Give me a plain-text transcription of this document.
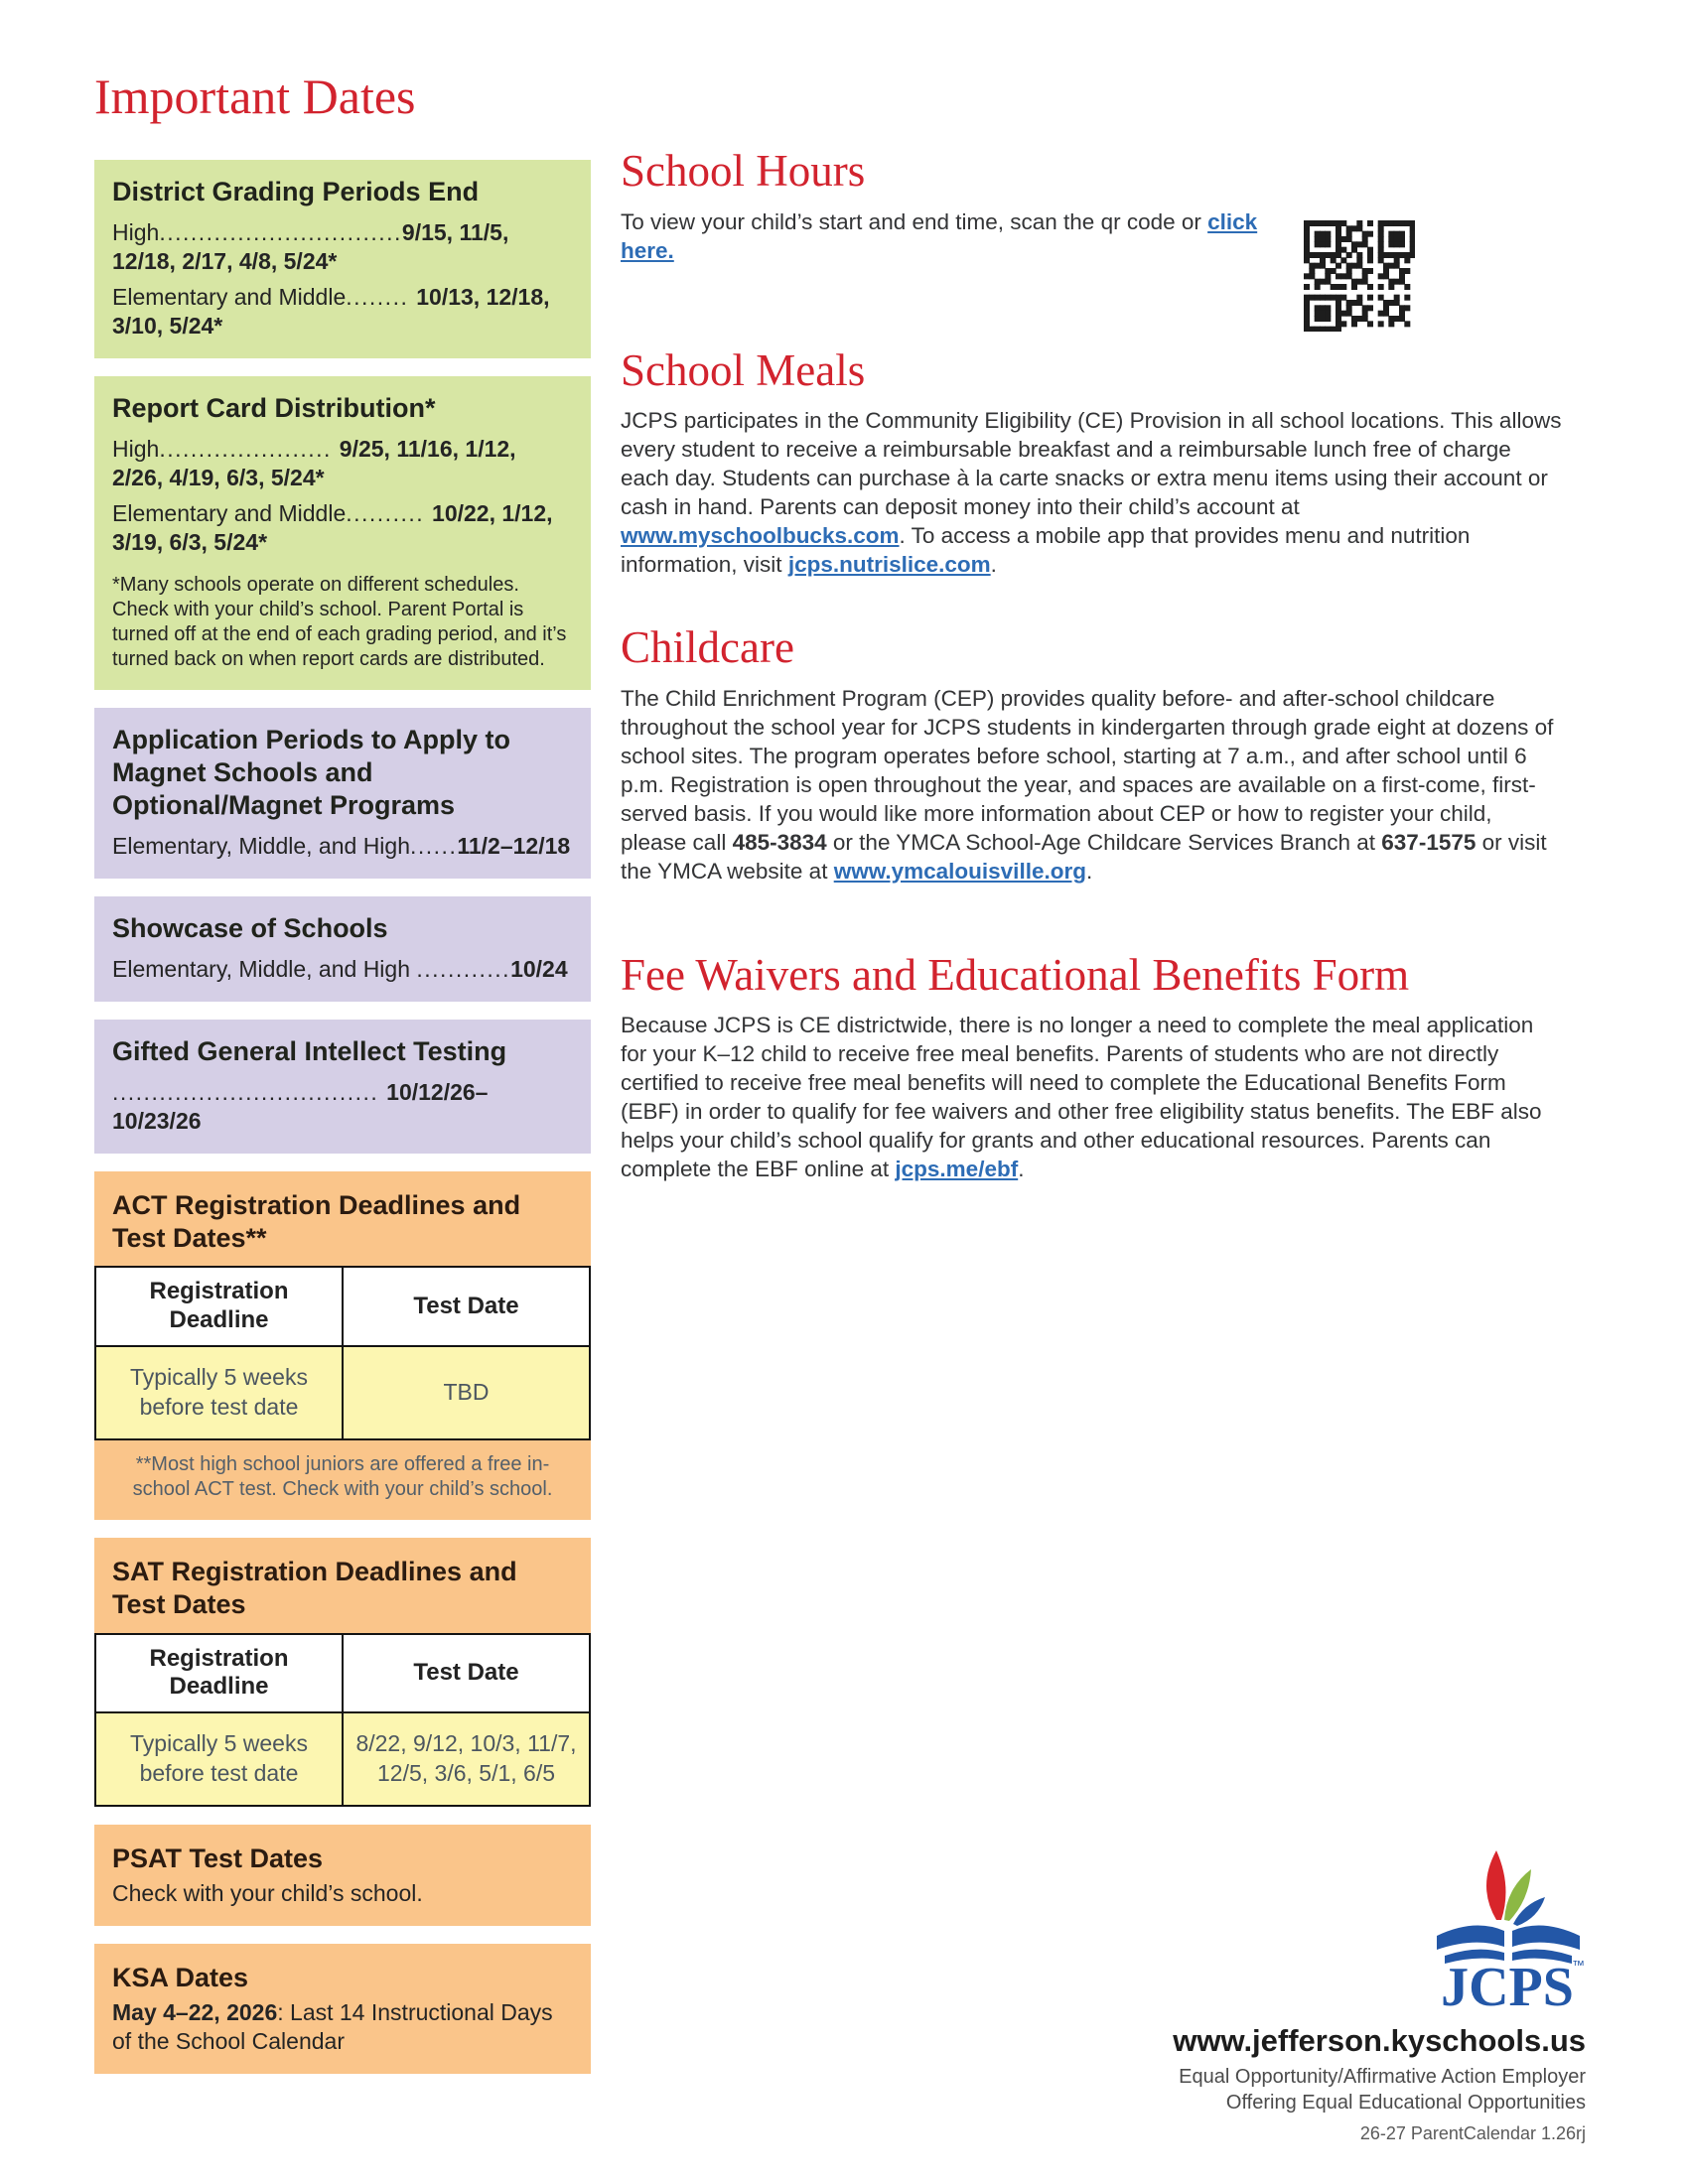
Important Dates
District Grading Periods End

High...............................9/15, 11/5, 12/18, 2/17, 4/8, 5/24*

Elementary and Middle........ 10/13, 12/18, 3/10, 5/24*

Report Card Distribution*

High...................... 9/25, 11/16, 1/12, 2/26, 4/19, 6/3, 5/24*

Elementary and Middle.......... 10/22, 1/12, 3/19, 6/3, 5/24*

*Many schools operate on different schedules. Check with your child’s school. Parent Portal is turned off at the end of each grading period, and it’s turned back on when report cards are distributed.

Application Periods to Apply to Magnet Schools and Optional/Magnet Programs

Elementary, Middle, and High......11/2–12/18

Showcase of Schools

Elementary, Middle, and High ............10/24

Gifted General Intellect Testing

.................................. 10/12/26–10/23/26

ACT Registration Deadlines and Test Dates**
Registration Deadline	Test Date
Typically 5 weeks before test date	TBD

**Most high school juniors are offered a free in-school ACT test. Check with your child’s school.

SAT Registration Deadlines and Test Dates
Registration Deadline	Test Date
Typically 5 weeks before test date	8/22, 9/12, 10/3, 11/7, 12/5, 3/6, 5/1, 6/5
PSAT Test Dates

Check with your child’s school.

KSA Dates

May 4–22, 2026: Last 14 Instructional Days of the School Calendar

School Hours

To view your child’s start and end time, scan the qr code or click here.

School Meals

JCPS participates in the Community Eligibility (CE) Provision in all school locations. This allows every student to receive a reimbursable breakfast and a reimbursable lunch free of charge each day. Students can purchase à la carte snacks or extra menu items using their account or cash in hand. Parents can deposit money into their child’s account at www.myschoolbucks.com. To access a mobile app that provides menu and nutrition information, visit jcps.nutrislice.com.

Childcare

The Child Enrichment Program (CEP) provides quality before- and after-school childcare throughout the school year for JCPS students in kindergarten through grade eight at dozens of school sites. The program operates before school, starting at 7 a.m., and after school until 6 p.m. Registration is open throughout the year, and spaces are available on a first-come, first-served basis. If you would like more information about CEP or how to register your child, please call 485-3834 or the YMCA School-Age Childcare Services Branch at 637-1575 or visit the YMCA website at www.ymcalouisville.org.

Fee Waivers and Educational Benefits Form

Because JCPS is CE districtwide, there is no longer a need to complete the meal application for your K–12 child to receive free meal benefits. Parents of students who are not directly certified to receive free meal benefits will need to complete the Educational Benefits Form (EBF) in order to qualify for fee waivers and other free eligibility status benefits. The EBF also helps your child’s school qualify for grants and other educational resources. Parents can complete the EBF online at jcps.me/ebf.

JCPS
™
www.jefferson.kyschools.us

Equal Opportunity/Affirmative Action Employer

Offering Equal Educational Opportunities

26-27 ParentCalendar 1.26rj
